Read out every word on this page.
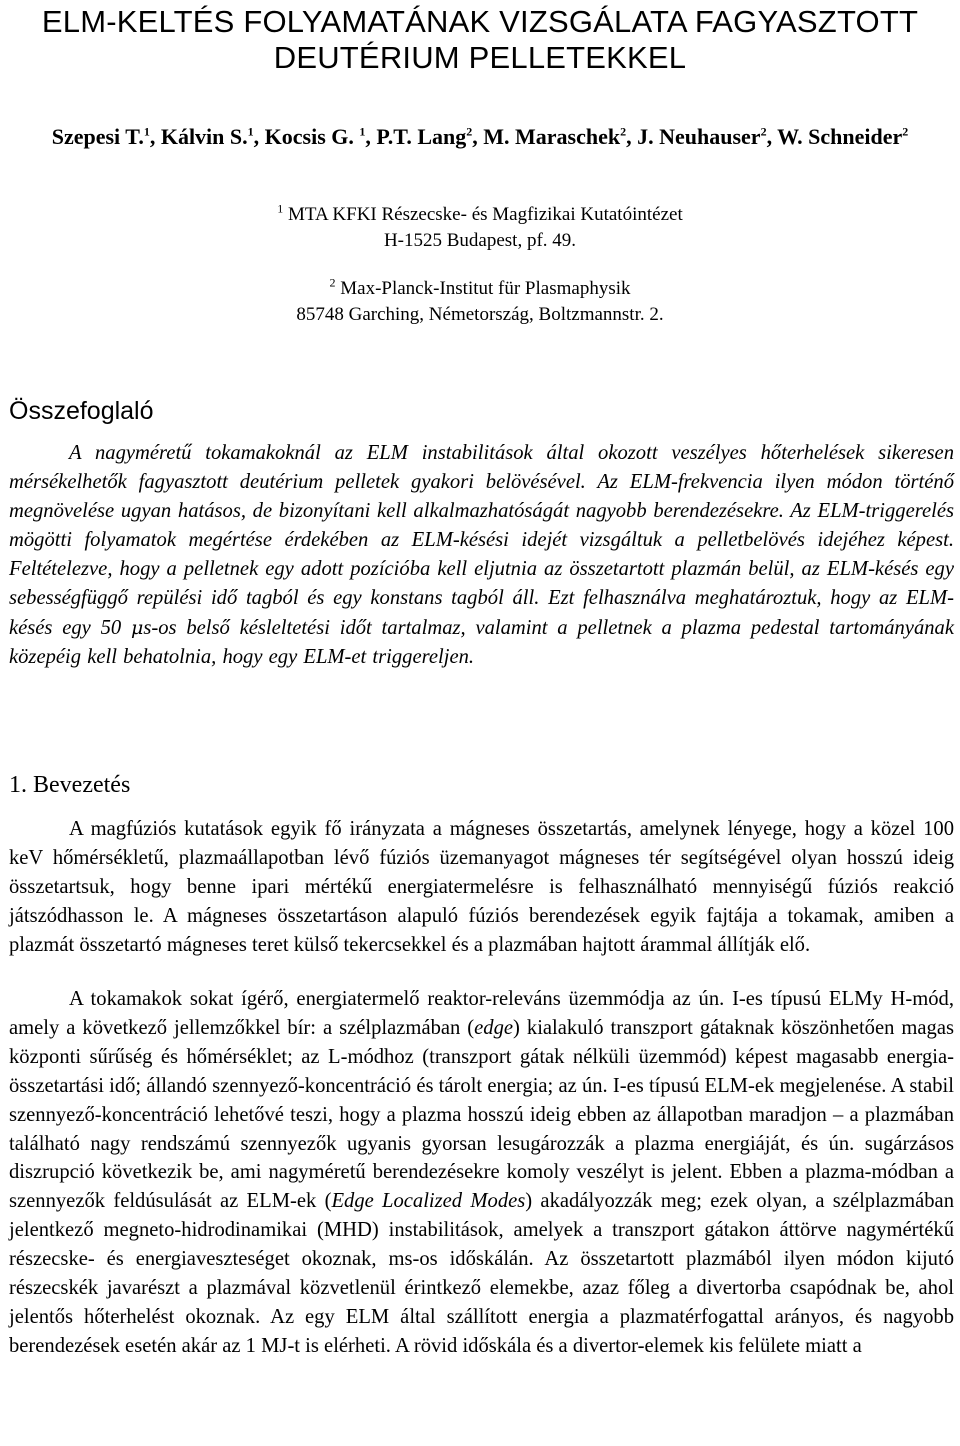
ELM-KELTÉS FOLYAMATÁNAK VIZSGÁLATA FAGYASZTOTT
DEUTÉRIUM PELLETEKKEL

Szepesi T.$^1$, Kálvin S.$^1$, Kocsis G. $^1$, P.T. Lang$^2$, M. Maraschek$^2$, J. Neuhauser$^2$, W. Schneider$^2$

$^1$ MTA KFKI Részecske- és Magfizikai Kutatóintézet
H-1525 Budapest, pf. 49.

$^2$ Max-Planck-Institut für Plasmaphysik
85748 Garching, Németország, Boltzmannstr. 2.

Összefoglaló

A nagyméretű tokamakoknál az ELM instabilitások által okozott veszélyes hőterhelések sikeresen mérsékelhetők fagyasztott deutérium pelletek gyakori belövésével. Az ELM-frekvencia ilyen módon történő megnövelése ugyan hatásos, de bizonyítani kell alkalmazhatóságát nagyobb berendezésekre. Az ELM-triggerelés mögötti folyamatok megértése érdekében az ELM-késési idejét vizsgáltuk a pelletbelövés idejéhez képest. Feltételezve, hogy a pelletnek egy adott pozícióba kell eljutnia az összetartott plazmán belül, az ELM-késés egy sebességfüggő repülési idő tagból és egy konstans tagból áll. Ezt felhasználva meghatároztuk, hogy az ELM-késés egy 50 μs-os belső késleltetési időt tartalmaz, valamint a pelletnek a plazma pedestal tartományának közepéig kell behatolnia, hogy egy ELM-et triggereljen.

1. Bevezetés

A magfúziós kutatások egyik fő irányzata a mágneses összetartás, amelynek lényege, hogy a közel 100 keV hőmérsékletű, plazmaállapotban lévő fúziós üzemanyagot mágneses tér segítségével olyan hosszú ideig összetartsuk, hogy benne ipari mértékű energiatermelésre is felhasználható mennyiségű fúziós reakció játszódhasson le. A mágneses összetartáson alapuló fúziós berendezések egyik fajtája a tokamak, amiben a plazmát összetartó mágneses teret külső tekercsekkel és a plazmában hajtott árammal állítják elő.

A tokamakok sokat ígérő, energiatermelő reaktor-releváns üzemmódja az ún. I-es típusú ELMy H-mód, amely a következő jellemzőkkel bír: a szélplazmában (edge) kialakuló transzport gátaknak köszönhetően magas központi sűrűség és hőmérséklet; az L-módhoz (transzport gátak nélküli üzemmód) képest magasabb energia-összetartási idő; állandó szennyező-koncentráció és tárolt energia; az ún. I-es típusú ELM-ek megjelenése. A stabil szennyező-koncentráció lehetővé teszi, hogy a plazma hosszú ideig ebben az állapotban maradjon – a plazmában található nagy rendszámú szennyezők ugyanis gyorsan lesugározzák a plazma energiáját, és ún. sugárzásos diszrupció következik be, ami nagyméretű berendezésekre komoly veszélyt is jelent. Ebben a plazma-módban a szennyezők feldúsulását az ELM-ek (Edge Localized Modes) akadályozzák meg; ezek olyan, a szélplazmában jelentkező megneto-hidrodinamikai (MHD) instabilitások, amelyek a transzport gátakon áttörve nagymértékű részecske- és energiaveszteséget okoznak, ms-os időskálán. Az összetartott plazmából ilyen módon kijutó részecskék javarészt a plazmával közvetlenül érintkező elemekbe, azaz főleg a divertorba csapódnak be, ahol jelentős hőterhelést okoznak. Az egy ELM által szállított energia a plazmatérfogattal arányos, és nagyobb berendezések esetén akár az 1 MJ-t is elérheti. A rövid időskála és a divertor-elemek kis felülete miatt a
